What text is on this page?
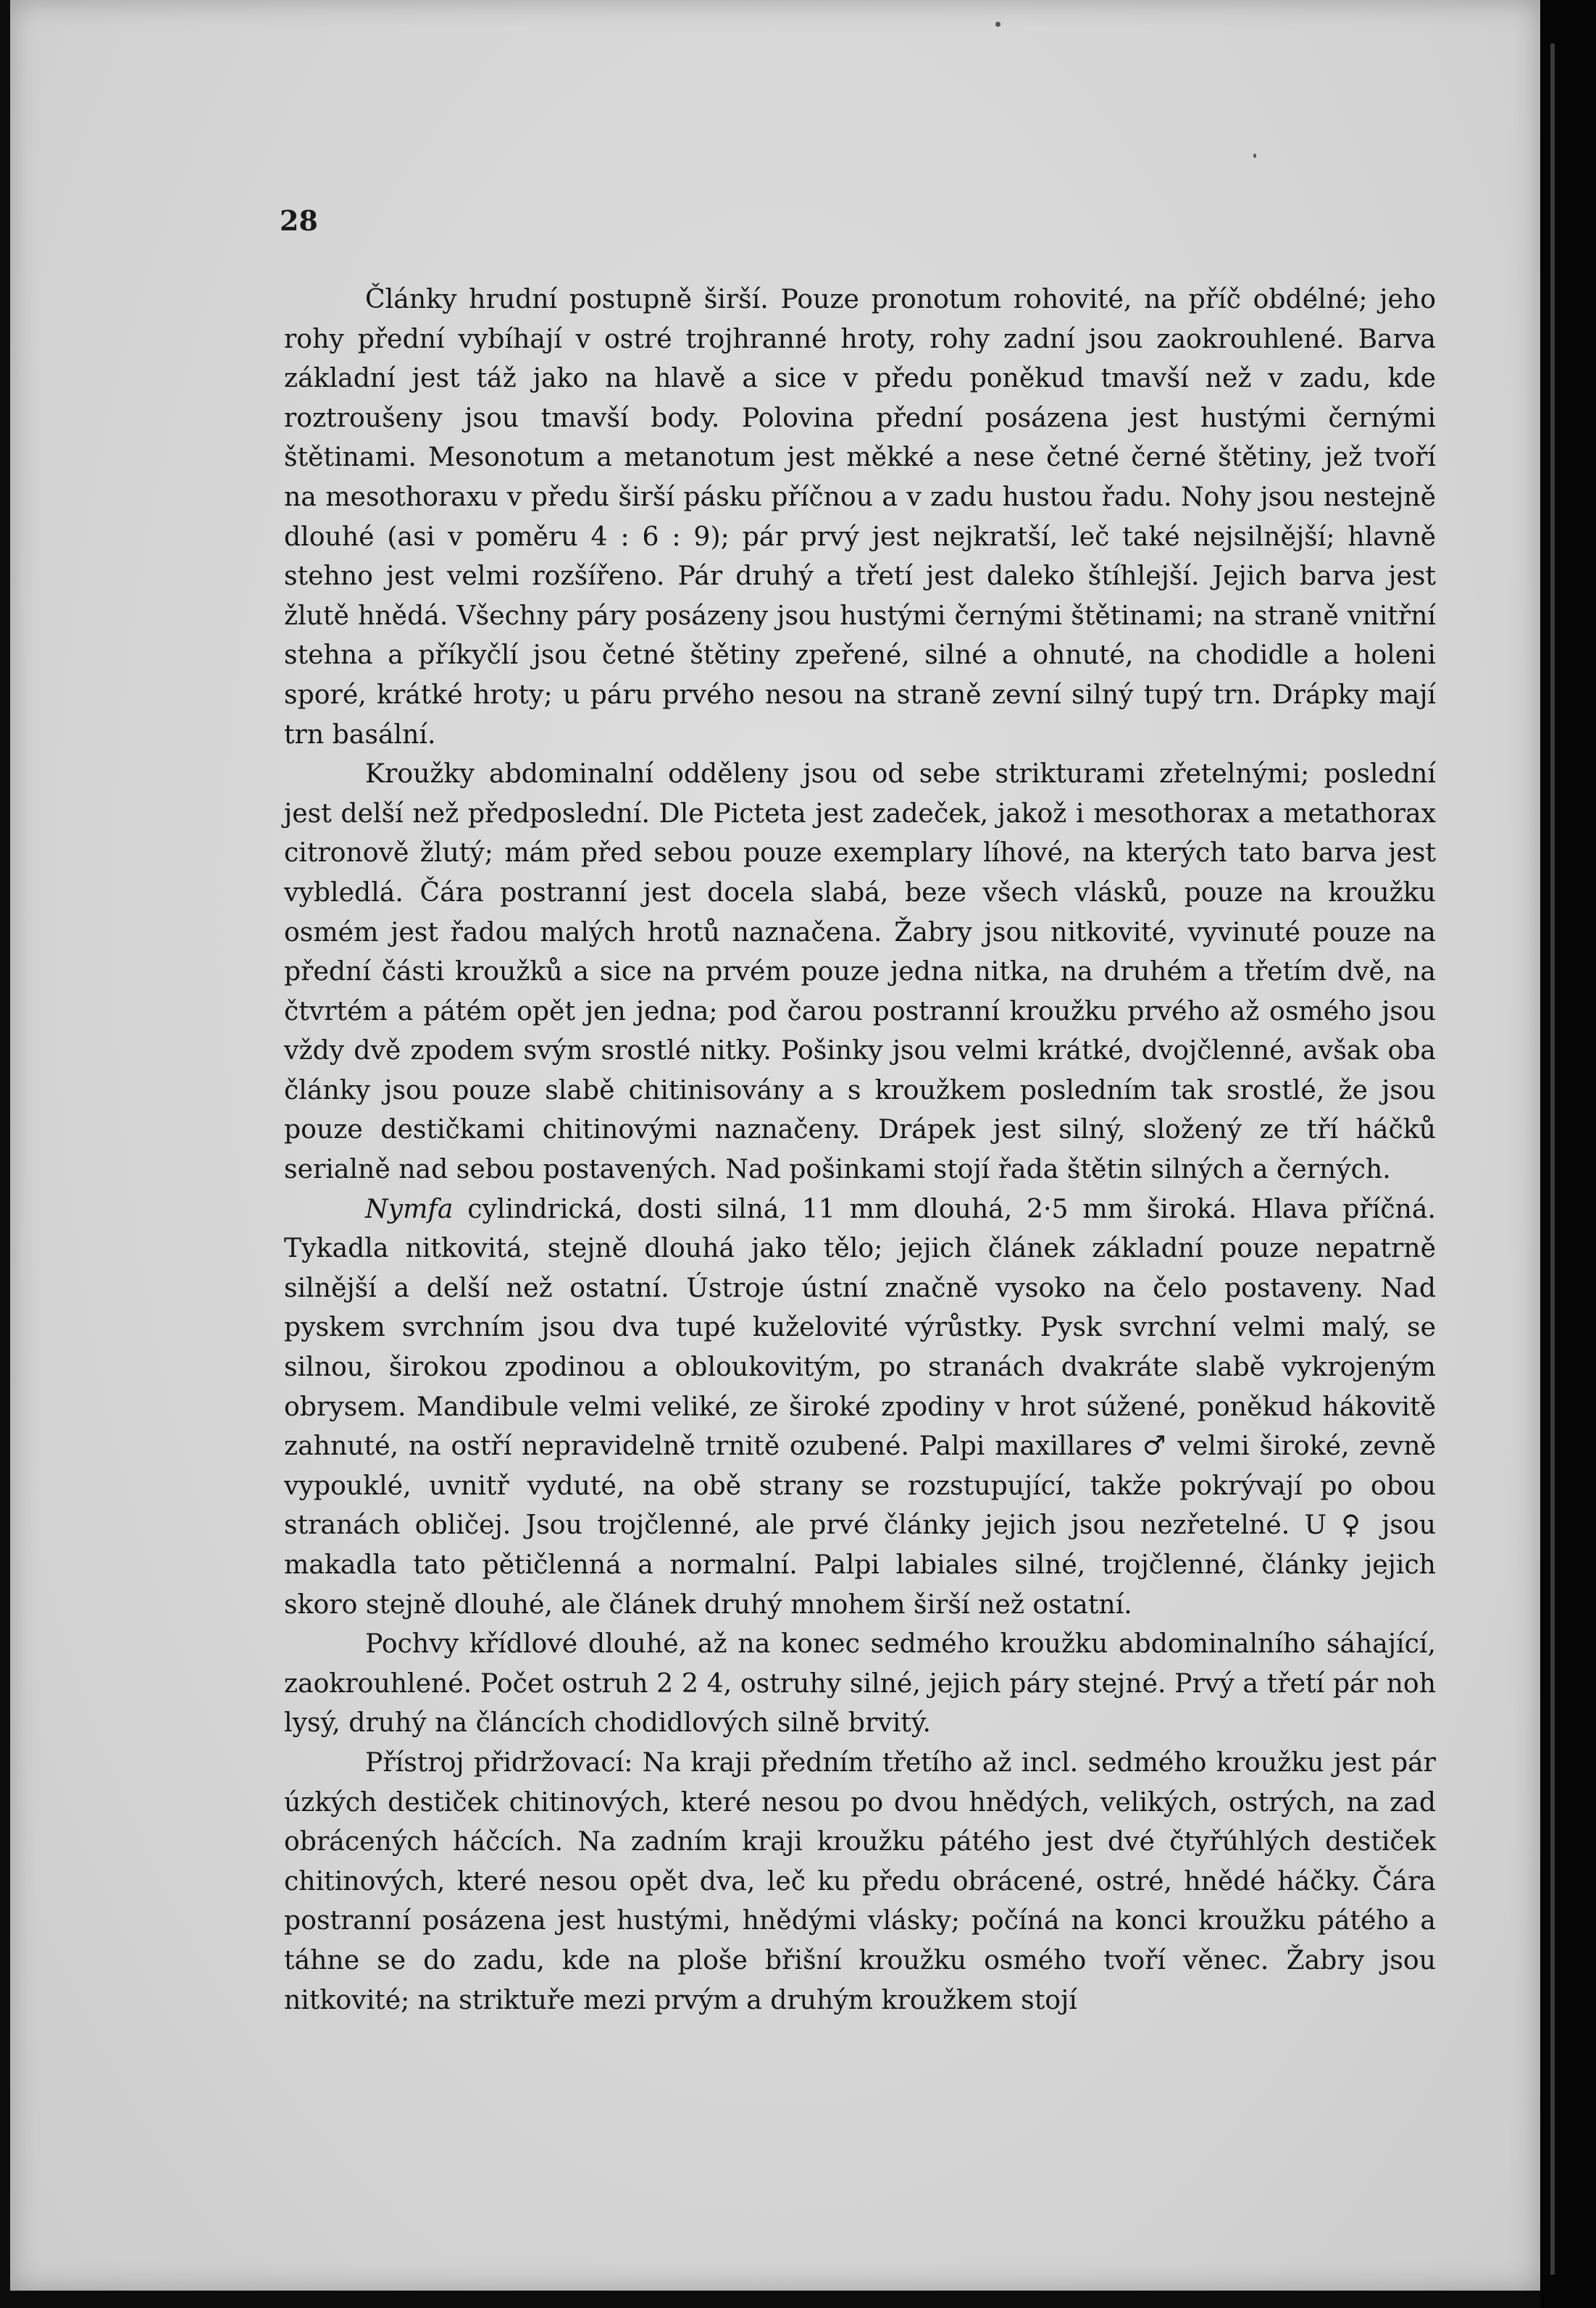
28

Články hrudní postupně širší. Pouze pronotum rohovité, na příč obdélné; jeho rohy přední vybíhají v ostré trojhranné hroty, rohy zadní jsou zaokrouhlené. Barva základní jest táž jako na hlavě a sice v předu poněkud tmavší než v zadu, kde roztroušeny jsou tmavší body. Polovina přední posázena jest hustými černými štětinami. Mesonotum a metanotum jest měkké a nese četné černé štětiny, jež tvoří na mesothoraxu v předu širší pásku příčnou a v zadu hustou řadu. Nohy jsou nestejně dlouhé (asi v poměru 4 : 6 : 9); pár prvý jest nejkratší, leč také nejsilnější; hlavně stehno jest velmi rozšířeno. Pár druhý a třetí jest daleko štíhlejší. Jejich barva jest žlutě hnědá. Všechny páry posázeny jsou hustými černými štětinami; na straně vnitřní stehna a příkyčlí jsou četné štětiny zpeřené, silné a ohnuté, na chodidle a holeni sporé, krátké hroty; u páru prvého nesou na straně zevní silný tupý trn. Drápky mají trn basální.

Kroužky abdominalní odděleny jsou od sebe strikturami zřetelnými; poslední jest delší než předposlední. Dle Picteta jest zadeček, jakož i mesothorax a metathorax citronově žlutý; mám před sebou pouze exemplary líhové, na kterých tato barva jest vybledlá. Čára postranní jest docela slabá, beze všech vlásků, pouze na kroužku osmém jest řadou malých hrotů naznačena. Žabry jsou nitkovité, vyvinuté pouze na přední části kroužků a sice na prvém pouze jedna nitka, na druhém a třetím dvě, na čtvrtém a pátém opět jen jedna; pod čarou postranní kroužku prvého až osmého jsou vždy dvě zpodem svým srostlé nitky. Pošinky jsou velmi krátké, dvojčlenné, avšak oba články jsou pouze slabě chitinisovány a s kroužkem posledním tak srostlé, že jsou pouze destičkami chitinovými naznačeny. Drápek jest silný, složený ze tří háčků serialně nad sebou postavených. Nad pošinkami stojí řada štětin silných a černých.

Nymfa cylindrická, dosti silná, 11 mm dlouhá, 2·5 mm široká. Hlava příčná. Tykadla nitkovitá, stejně dlouhá jako tělo; jejich článek základní pouze nepatrně silnější a delší než ostatní. Ústroje ústní značně vysoko na čelo postaveny. Nad pyskem svrchním jsou dva tupé kuželovité výrůstky. Pysk svrchní velmi malý, se silnou, širokou zpodinou a obloukovitým, po stranách dvakráte slabě vykrojeným obrysem. Mandibule velmi veliké, ze široké zpodiny v hrot súžené, poněkud hákovitě zahnuté, na ostří nepravidelně trnitě ozubené. Palpi maxillares ♂ velmi široké, zevně vypouklé, uvnitř vyduté, na obě strany se rozstupující, takže pokrývají po obou stranách obličej. Jsou trojčlenné, ale prvé články jejich jsou nezřetelné. U ♀ jsou makadla tato pětičlenná a normalní. Palpi labiales silné, trojčlenné, články jejich skoro stejně dlouhé, ale článek druhý mnohem širší než ostatní.

Pochvy křídlové dlouhé, až na konec sedmého kroužku abdominalního sáhající, zaokrouhlené. Počet ostruh 2 2 4, ostruhy silné, jejich páry stejné. Prvý a třetí pár noh lysý, druhý na článcích chodidlových silně brvitý.

Přístroj přidržovací: Na kraji předním třetího až incl. sedmého kroužku jest pár úzkých destiček chitinových, které nesou po dvou hnědých, velikých, ostrých, na zad obrácených háčcích. Na zadním kraji kroužku pátého jest dvé čtyřúhlých destiček chitinových, které nesou opět dva, leč ku předu obrácené, ostré, hnědé háčky. Čára postranní posázena jest hustými, hnědými vlásky; počíná na konci kroužku pátého a táhne se do zadu, kde na ploše břišní kroužku osmého tvoří věnec. Žabry jsou nitkovité; na striktuře mezi prvým a druhým kroužkem stojí
